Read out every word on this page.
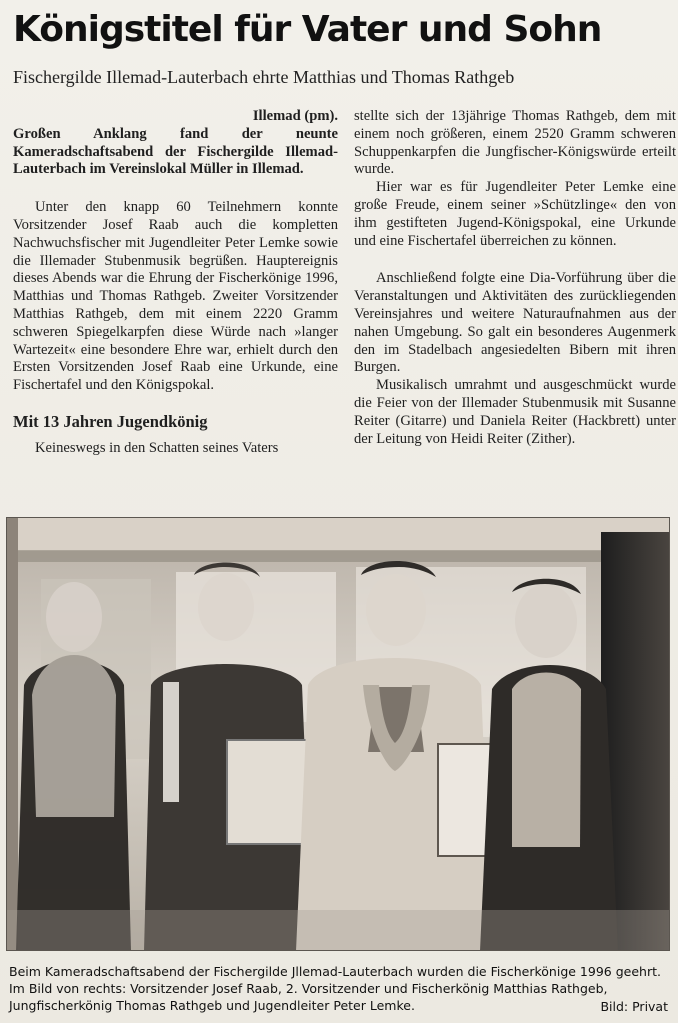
Königstitel für Vater und Sohn
Fischergilde Illemad-Lauterbach ehrte Matthias und Thomas Rathgeb
Illemad (pm).
Großen Anklang fand der neunte Kameradschaftsabend der Fischergilde Illemad-Lauterbach im Vereinslokal Müller in Illemad.
Unter den knapp 60 Teilnehmern konnte Vorsitzender Josef Raab auch die kompletten Nachwuchsfischer mit Jugendleiter Peter Lemke sowie die Illemader Stubenmusik begrüßen. Hauptereignis dieses Abends war die Ehrung der Fischerkönige 1996, Matthias und Thomas Rathgeb. Zweiter Vorsitzender Matthias Rathgeb, dem mit einem 2220 Gramm schweren Spiegelkarpfen diese Würde nach »langer Wartezeit« eine besondere Ehre war, erhielt durch den Ersten Vorsitzenden Josef Raab eine Urkunde, eine Fischertafel und den Königspokal.
Mit 13 Jahren Jugendkönig
Keineswegs in den Schatten seines Vaters
stellte sich der 13jährige Thomas Rathgeb, dem mit einem noch größeren, einem 2520 Gramm schweren Schuppenkarpfen die Jungfischer-Königswürde erteilt wurde.
Hier war es für Jugendleiter Peter Lemke eine große Freude, einem seiner »Schützlinge« den von ihm gestifteten Jugend-Königspokal, eine Urkunde und eine Fischertafel überreichen zu können.
Anschließend folgte eine Dia-Vorführung über die Veranstaltungen und Aktivitäten des zurückliegenden Vereinsjahres und weitere Naturaufnahmen aus der nahen Umgebung. So galt ein besonderes Augenmerk den im Stadelbach angesiedelten Bibern mit ihren Burgen.
Musikalisch umrahmt und ausgeschmückt wurde die Feier von der Illemader Stubenmusik mit Susanne Reiter (Gitarre) und Daniela Reiter (Hackbrett) unter der Leitung von Heidi Reiter (Zither).
Beim Kameradschaftsabend der Fischergilde Jllemad-Lauterbach wurden die Fischerkönige 1996 geehrt. Im Bild von rechts: Vorsitzender Josef Raab, 2. Vorsitzender und Fischerkönig Matthias Rathgeb, Jungfischerkönig Thomas Rathgeb und Jugendleiter Peter Lemke.	Bild: Privat
